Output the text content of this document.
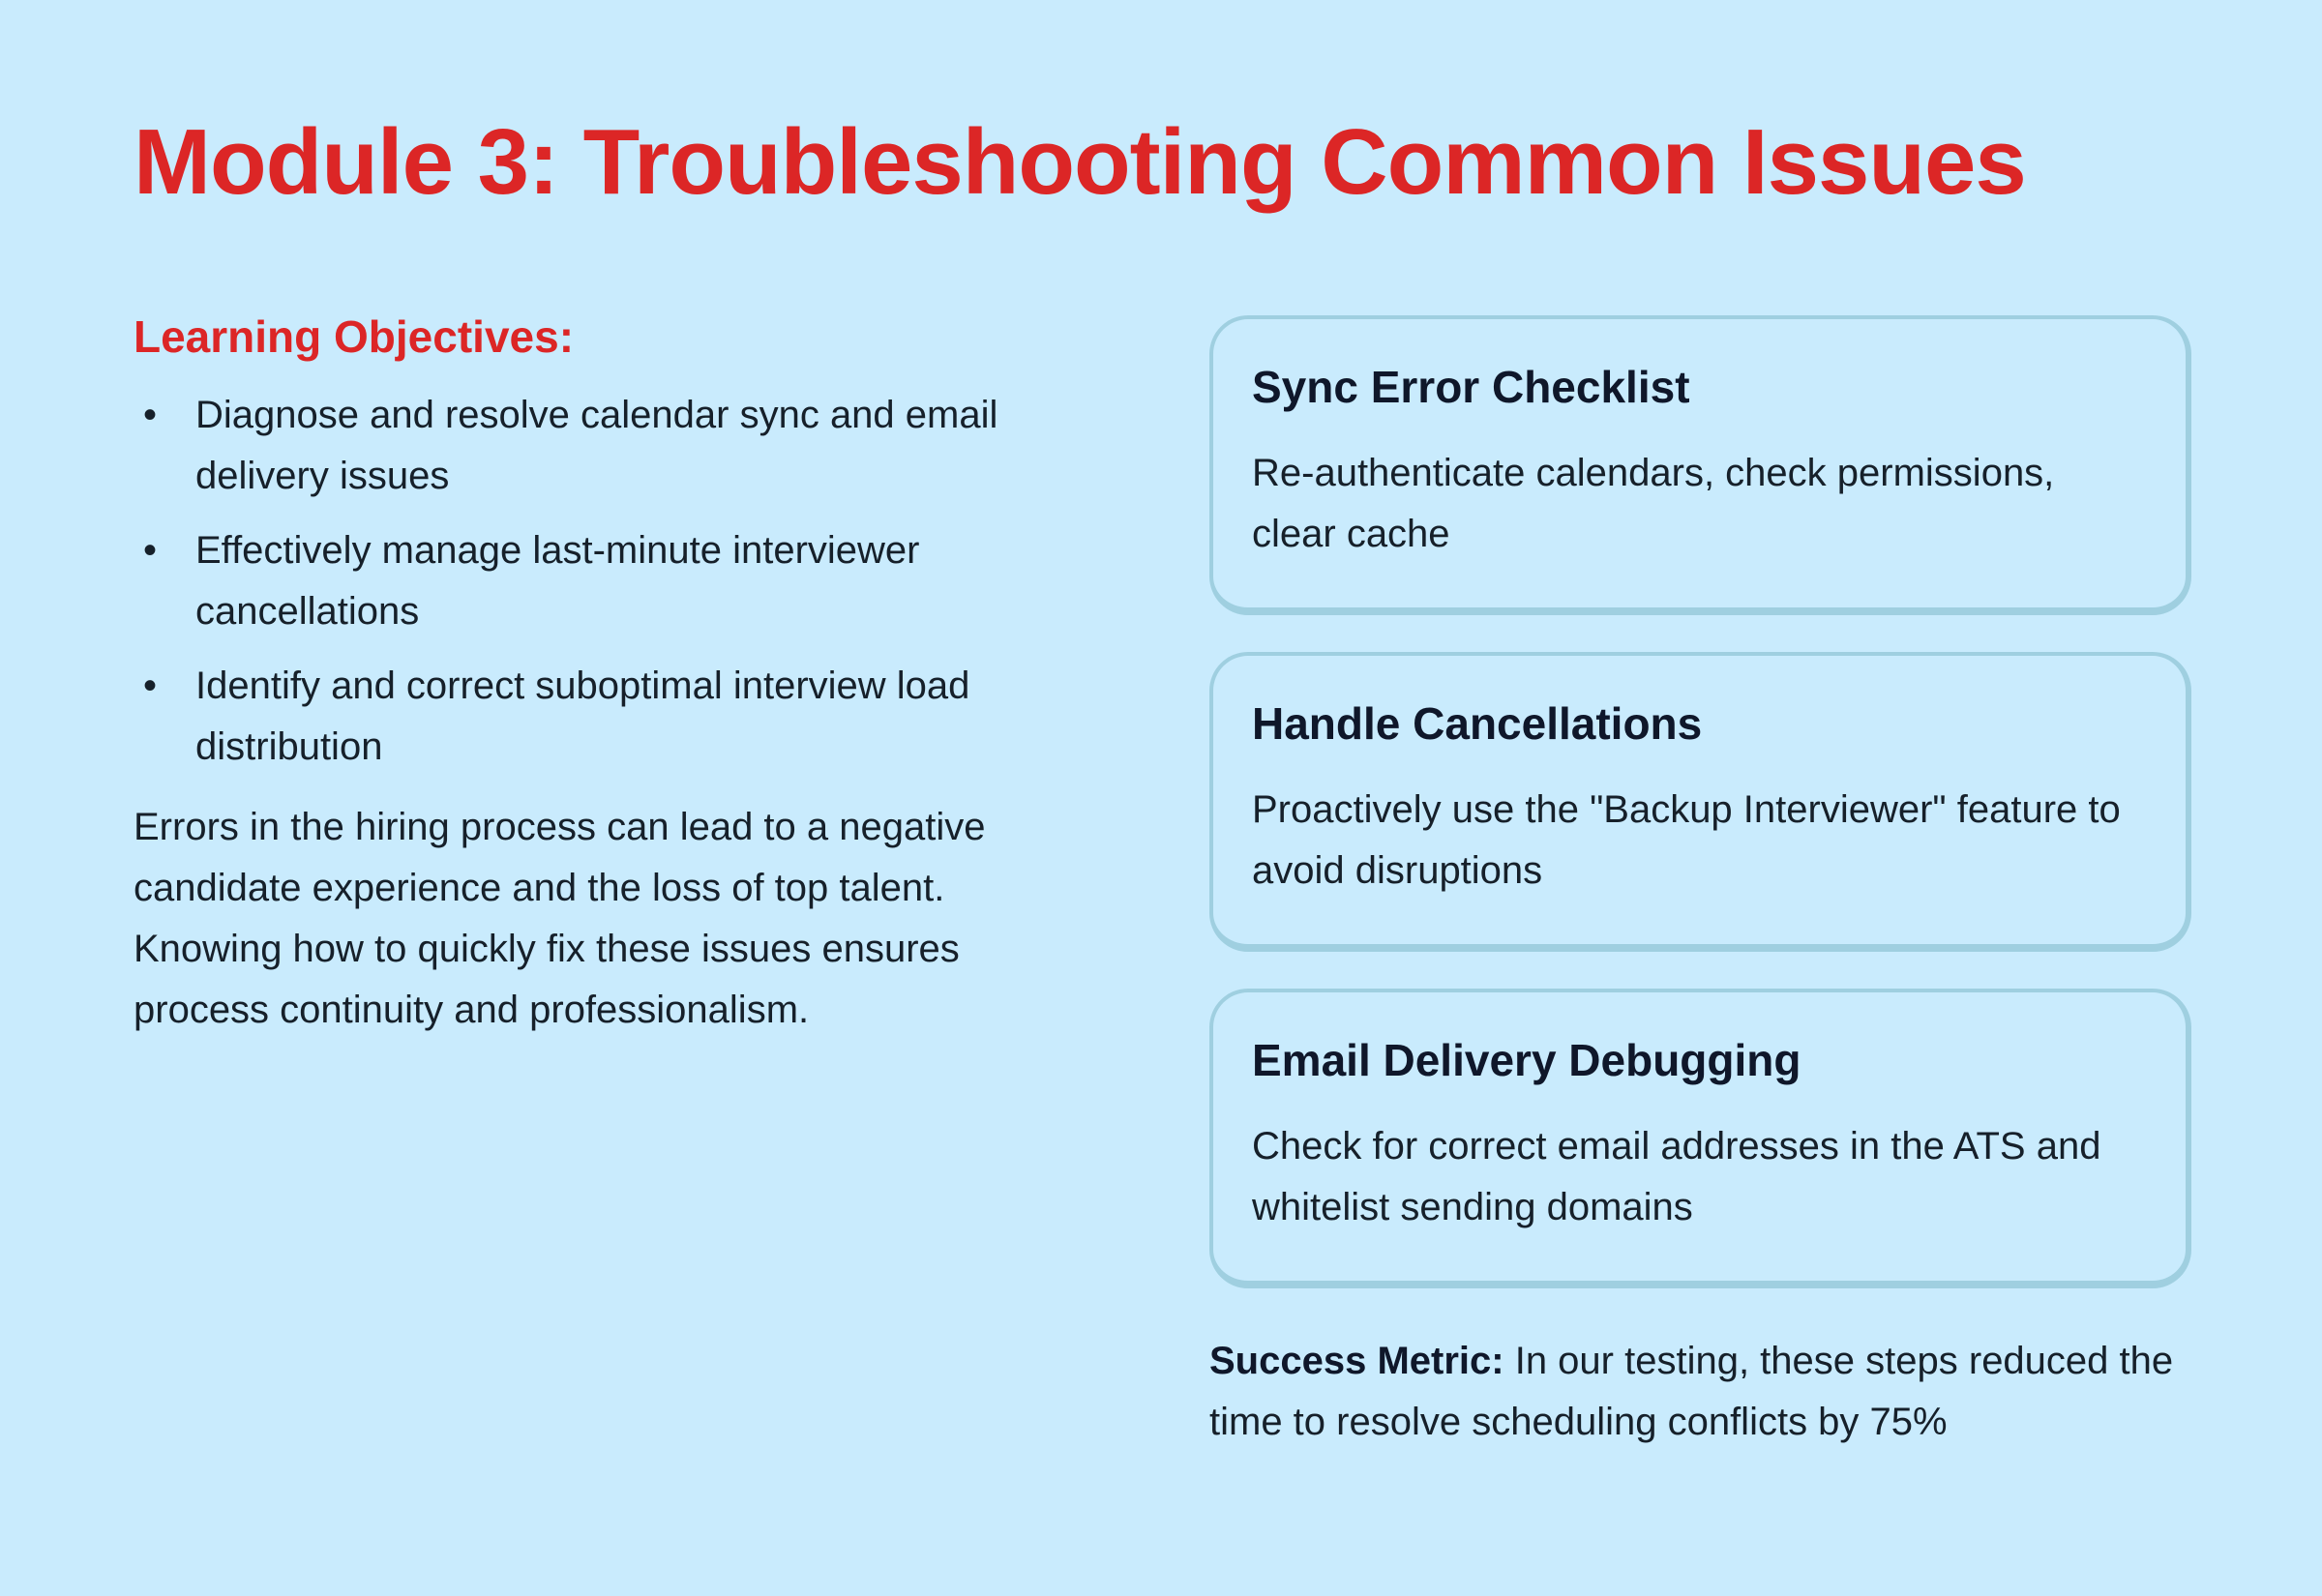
Module 3: Troubleshooting Common Issues
Learning Objectives:
• Diagnose and resolve calendar sync and email delivery issues
• Effectively manage last-minute interviewer cancellations
• Identify and correct suboptimal interview load distribution

Errors in the hiring process can lead to a negative candidate experience and the loss of top talent. Knowing how to quickly fix these issues ensures process continuity and professionalism.

Sync Error Checklist

Re-authenticate calendars, check permissions, clear cache

Handle Cancellations

Proactively use the "Backup Interviewer" feature to avoid disruptions

Email Delivery Debugging

Check for correct email addresses in the ATS and whitelist sending domains

Success Metric: In our testing, these steps reduced the time to resolve scheduling conflicts by 75%
